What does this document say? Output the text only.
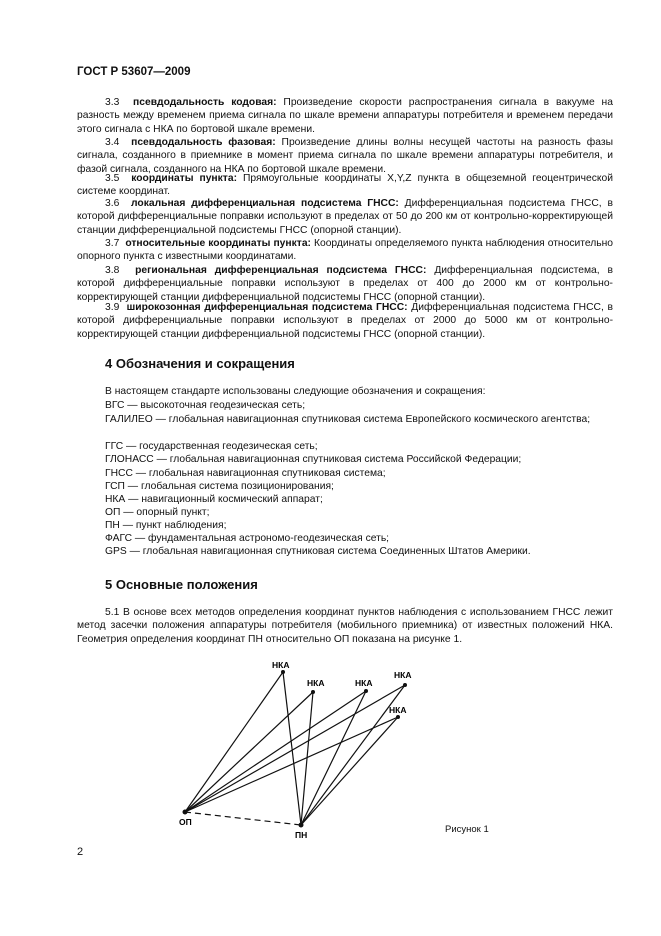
ГОСТ Р 53607—2009

3.3 псевдодальность кодовая: Произведение скорости распространения сигнала в вакууме на разность между временем приема сигнала по шкале времени аппаратуры потребителя и временем передачи этого сигнала с НКА по бортовой шкале времени.

3.4 псевдодальность фазовая: Произведение длины волны несущей частоты на разность фазы сигнала, созданного в приемнике в момент приема сигнала по шкале времени аппаратуры потребителя, и фазой сигнала, созданного на НКА по бортовой шкале времени.

3.5 координаты пункта: Прямоугольные координаты X,Y,Z пункта в общеземной геоцентрической системе координат.

3.6 локальная дифференциальная подсистема ГНСС: Дифференциальная подсистема ГНСС, в которой дифференциальные поправки используют в пределах от 50 до 200 км от контрольно-корректирующей станции дифференциальной подсистемы ГНСС (опорной станции).

3.7 относительные координаты пункта: Координаты определяемого пункта наблюдения относительно опорного пункта с известными координатами.

3.8 региональная дифференциальная подсистема ГНСС: Дифференциальная подсистема, в которой дифференциальные поправки используют в пределах от 400 до 2000 км от контрольно-корректирующей станции дифференциальной подсистемы ГНСС (опорной станции).

3.9 широкозонная дифференциальная подсистема ГНСС: Дифференциальная подсистема ГНСС, в которой дифференциальные поправки используют в пределах от 2000 до 5000 км от контрольно-корректирующей станции дифференциальной подсистемы ГНСС (опорной станции).

4 Обозначения и сокращения

В настоящем стандарте использованы следующие обозначения и сокращения:

ВГС — высокоточная геодезическая сеть;

ГАЛИЛЕО — глобальная навигационная спутниковая система Европейского космического агентства;

ГГС — государственная геодезическая сеть;

ГЛОНАСС — глобальная навигационная спутниковая система Российской Федерации;

ГНСС — глобальная навигационная спутниковая система;

ГСП — глобальная система позиционирования;

НКА — навигационный космический аппарат;

ОП — опорный пункт;

ПН — пункт наблюдения;

ФАГС — фундаментальная астрономо-геодезическая сеть;

GPS — глобальная навигационная спутниковая система Соединенных Штатов Америки.

5 Основные положения

5.1 В основе всех методов определения координат пунктов наблюдения с использованием ГНСС лежит метод засечки положения аппаратуры потребителя (мобильного приемника) от известных положений НКА. Геометрия определения координат ПН относительно ОП показана на рисунке 1.

НКА
НКА	НКА
НКА
НКА
ОП
ПН	Рисунок 1
2
